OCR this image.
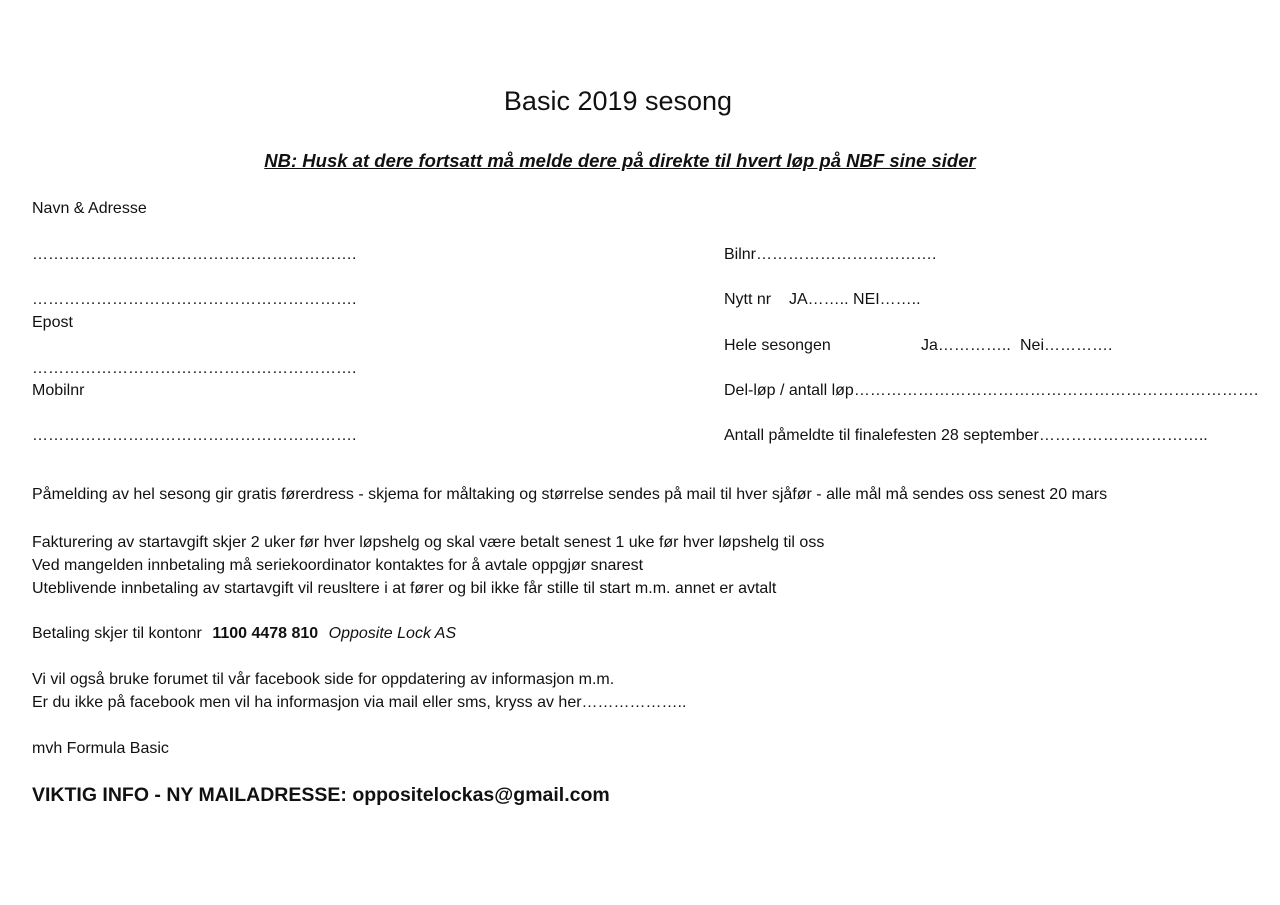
Basic 2019 sesong
NB: Husk at dere fortsatt må melde dere på direkte til hvert løp på NBF sine sider
Navn & Adresse
…………………………………………………….
…………………………………………………….
Epost
…………………………………………………….
Mobilnr
…………………………………………………….
Bilnr…………………………….
Nytt nr JA…….. NEI……..
Hele sesongen	Ja………….. Nei………….
Del-løp / antall løp………………………………………………………………….
Antall påmeldte til finalefesten 28 september…………………………..
Påmelding av hel sesong gir gratis førerdress - skjema for måltaking og størrelse sendes på mail til hver sjåfør - alle mål må sendes oss senest 20 mars
Fakturering av startavgift skjer 2 uker før hver løpshelg og skal være betalt senest 1 uke før hver løpshelg til oss
Ved mangelden innbetaling må seriekoordinator kontaktes for å avtale oppgjør snarest
Uteblivende innbetaling av startavgift vil reusltere i at fører og bil ikke får stille til start m.m. annet er avtalt
Betaling skjer til kontonr 1100 4478 810 Opposite Lock AS
Vi vil også bruke forumet til vår facebook side for oppdatering av informasjon m.m.
Er du ikke på facebook men vil ha informasjon via mail eller sms, kryss av her………………..
mvh Formula Basic
VIKTIG INFO - NY MAILADRESSE: oppositelockas@gmail.com
